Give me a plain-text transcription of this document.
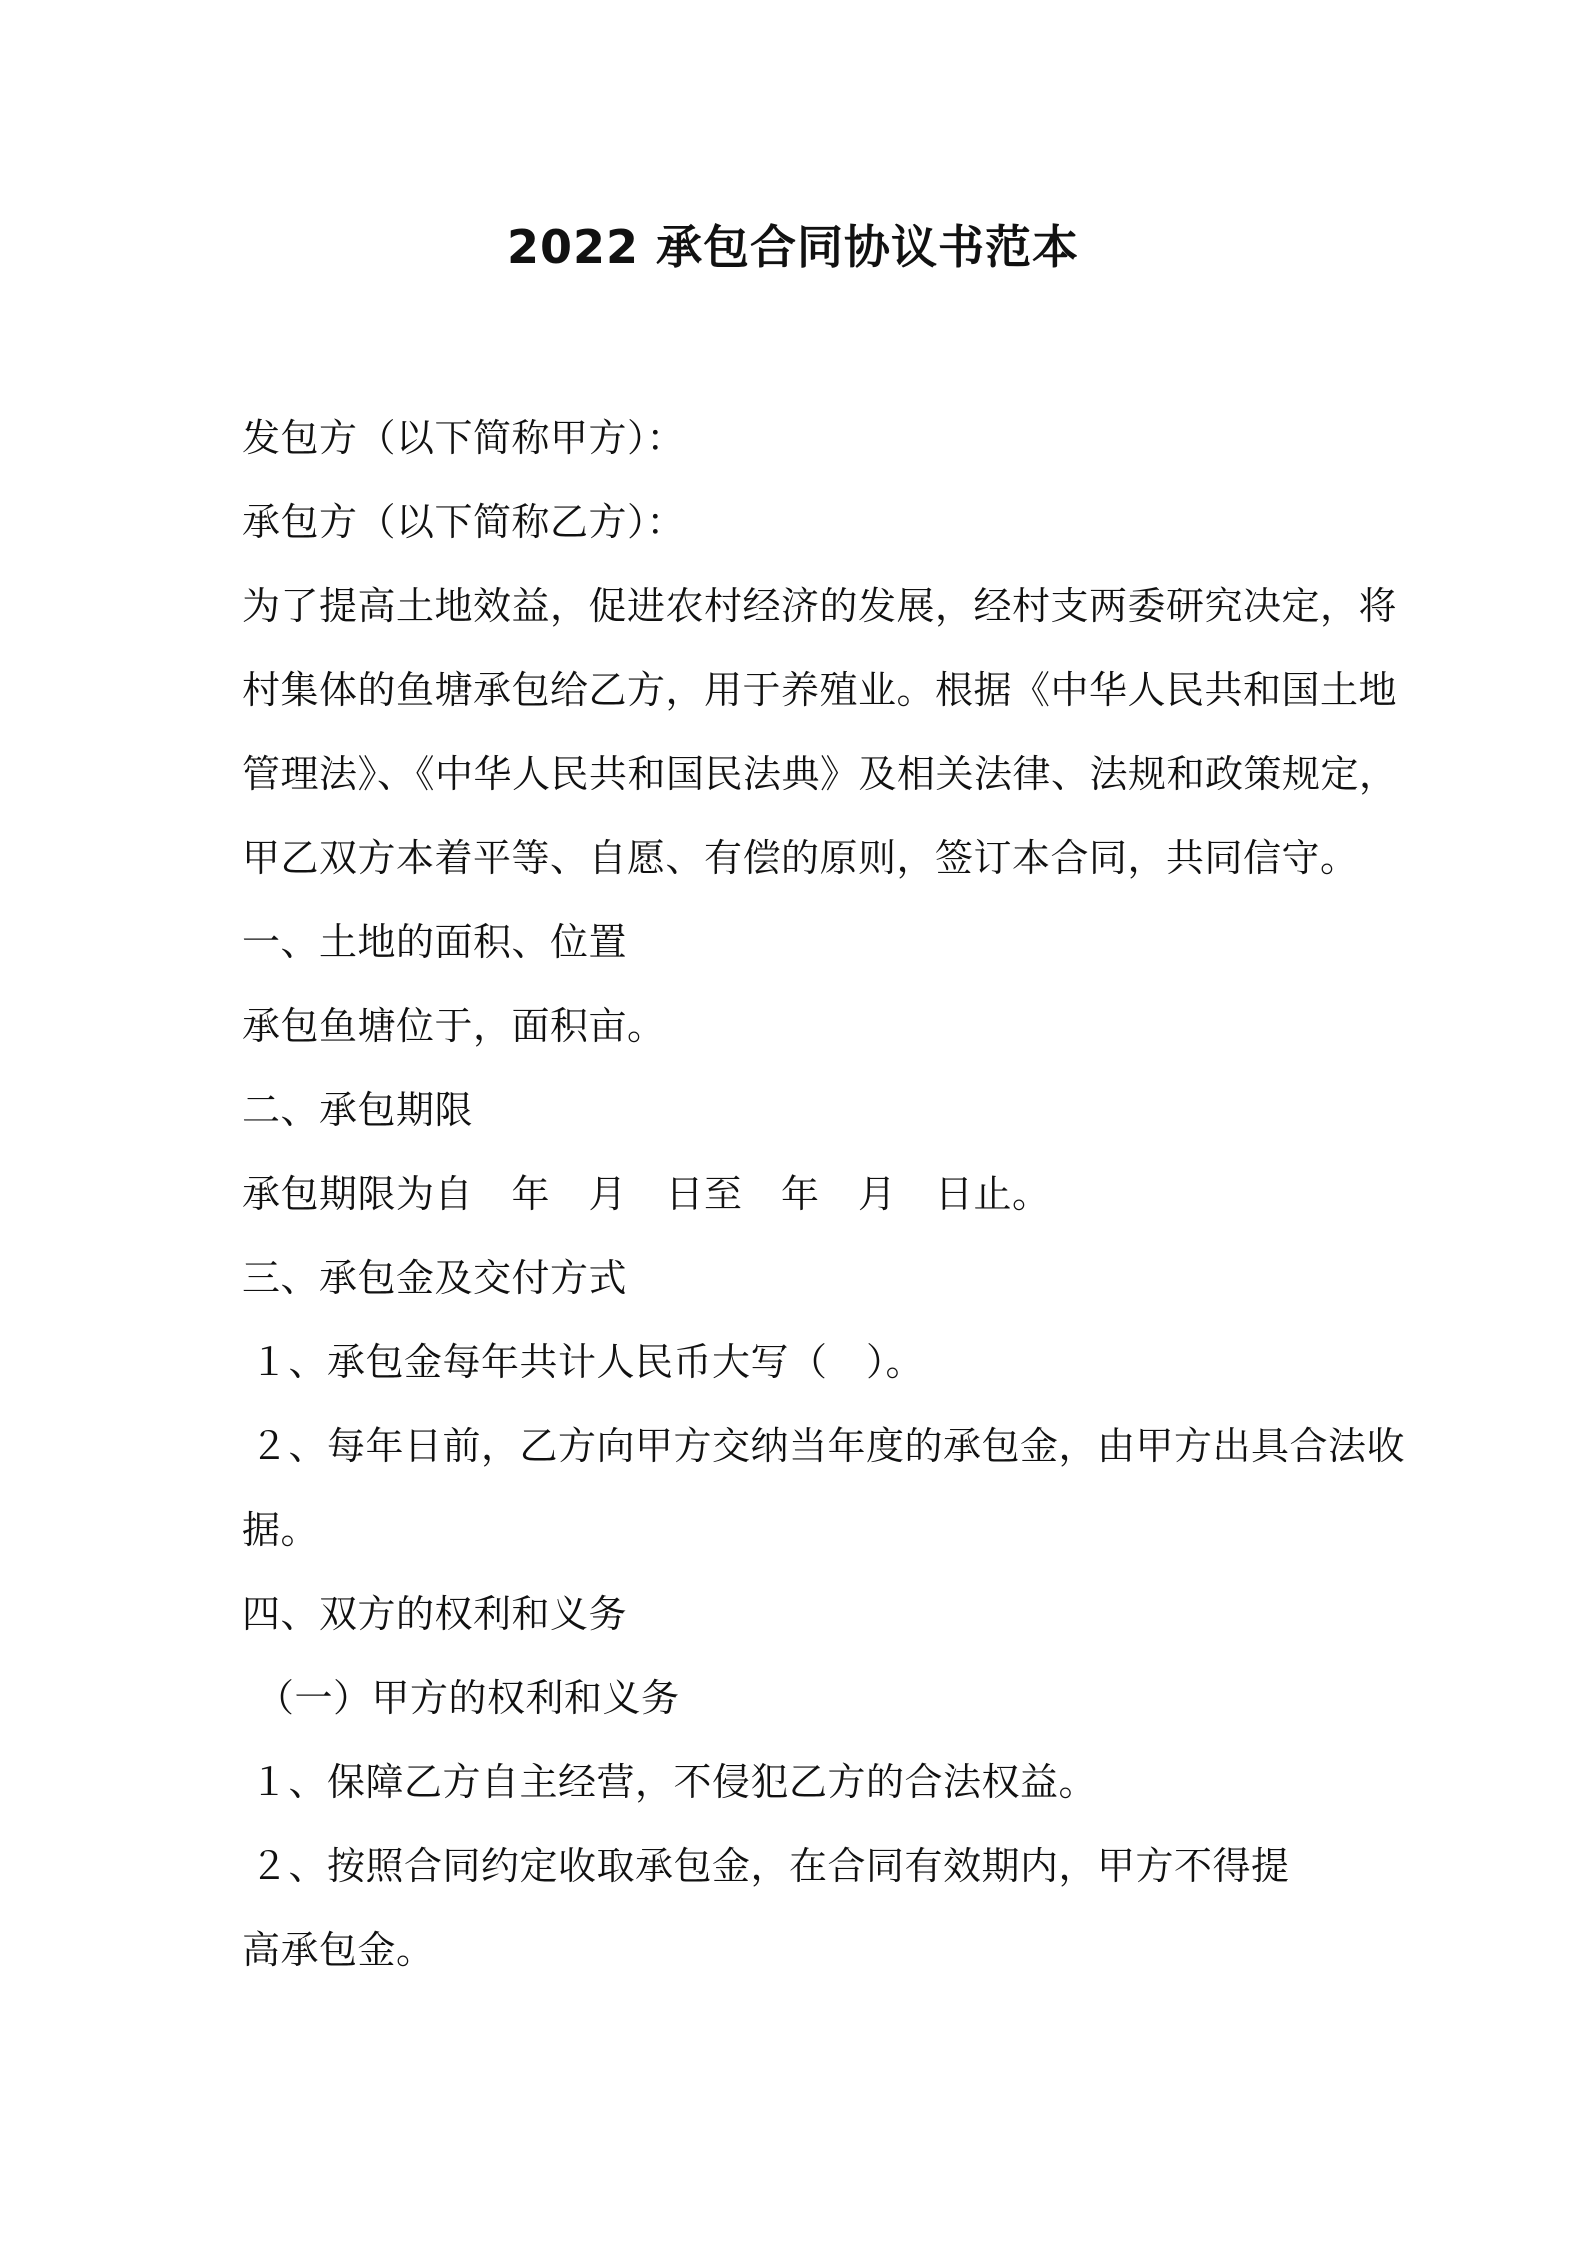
2022 承包合同协议书范本
发包方（以下简称甲方）：
承包方（以下简称乙方）：
为了提高土地效益，促进农村经济的发展，经村支两委研究决定，将
村集体的鱼塘承包给乙方，用于养殖业。根据《中华人民共和国土地
管理法》、《中华人民共和国民法典》及相关法律、法规和政策规定，
甲乙双方本着平等、自愿、有偿的原则，签订本合同，共同信守。
一、土地的面积、位置
承包鱼塘位于，面积亩。
二、承包期限
承包期限为自　年　月　日至　年　月　日止。
三、承包金及交付方式
１、承包金每年共计人民币大写（　）。
２、每年日前，乙方向甲方交纳当年度的承包金，由甲方出具合法收
据。
四、双方的权利和义务
（一）甲方的权利和义务
１、保障乙方自主经营，不侵犯乙方的合法权益。
２、按照合同约定收取承包金，在合同有效期内，甲方不得提
高承包金。
